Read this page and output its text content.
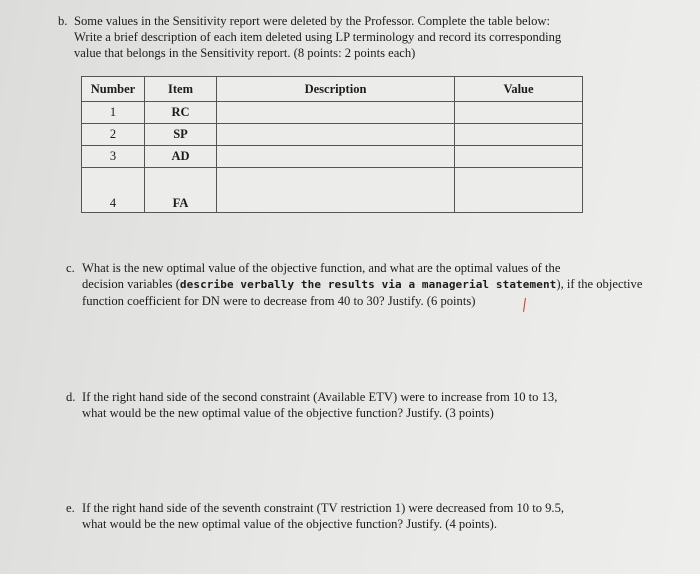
b. Some values in the Sensitivity report were deleted by the Professor. Complete the table below:
Write a brief description of each item deleted using LP terminology and record its corresponding
value that belongs in the Sensitivity report. (8 points: 2 points each)
Number	Item	Description	Value
1	RC		
2	SP		
3	AD		
4	FA		
c. What is the new optimal value of the objective function, and what are the optimal values of the
decision variables (describe verbally the results via a managerial statement), if the objective
function coefficient for DN were to decrease from 40 to 30? Justify. (6 points)
d. If the right hand side of the second constraint (Available ETV) were to increase from 10 to 13,
what would be the new optimal value of the objective function? Justify. (3 points)
e. If the right hand side of the seventh constraint (TV restriction 1) were decreased from 10 to 9.5,
what would be the new optimal value of the objective function? Justify. (4 points).
